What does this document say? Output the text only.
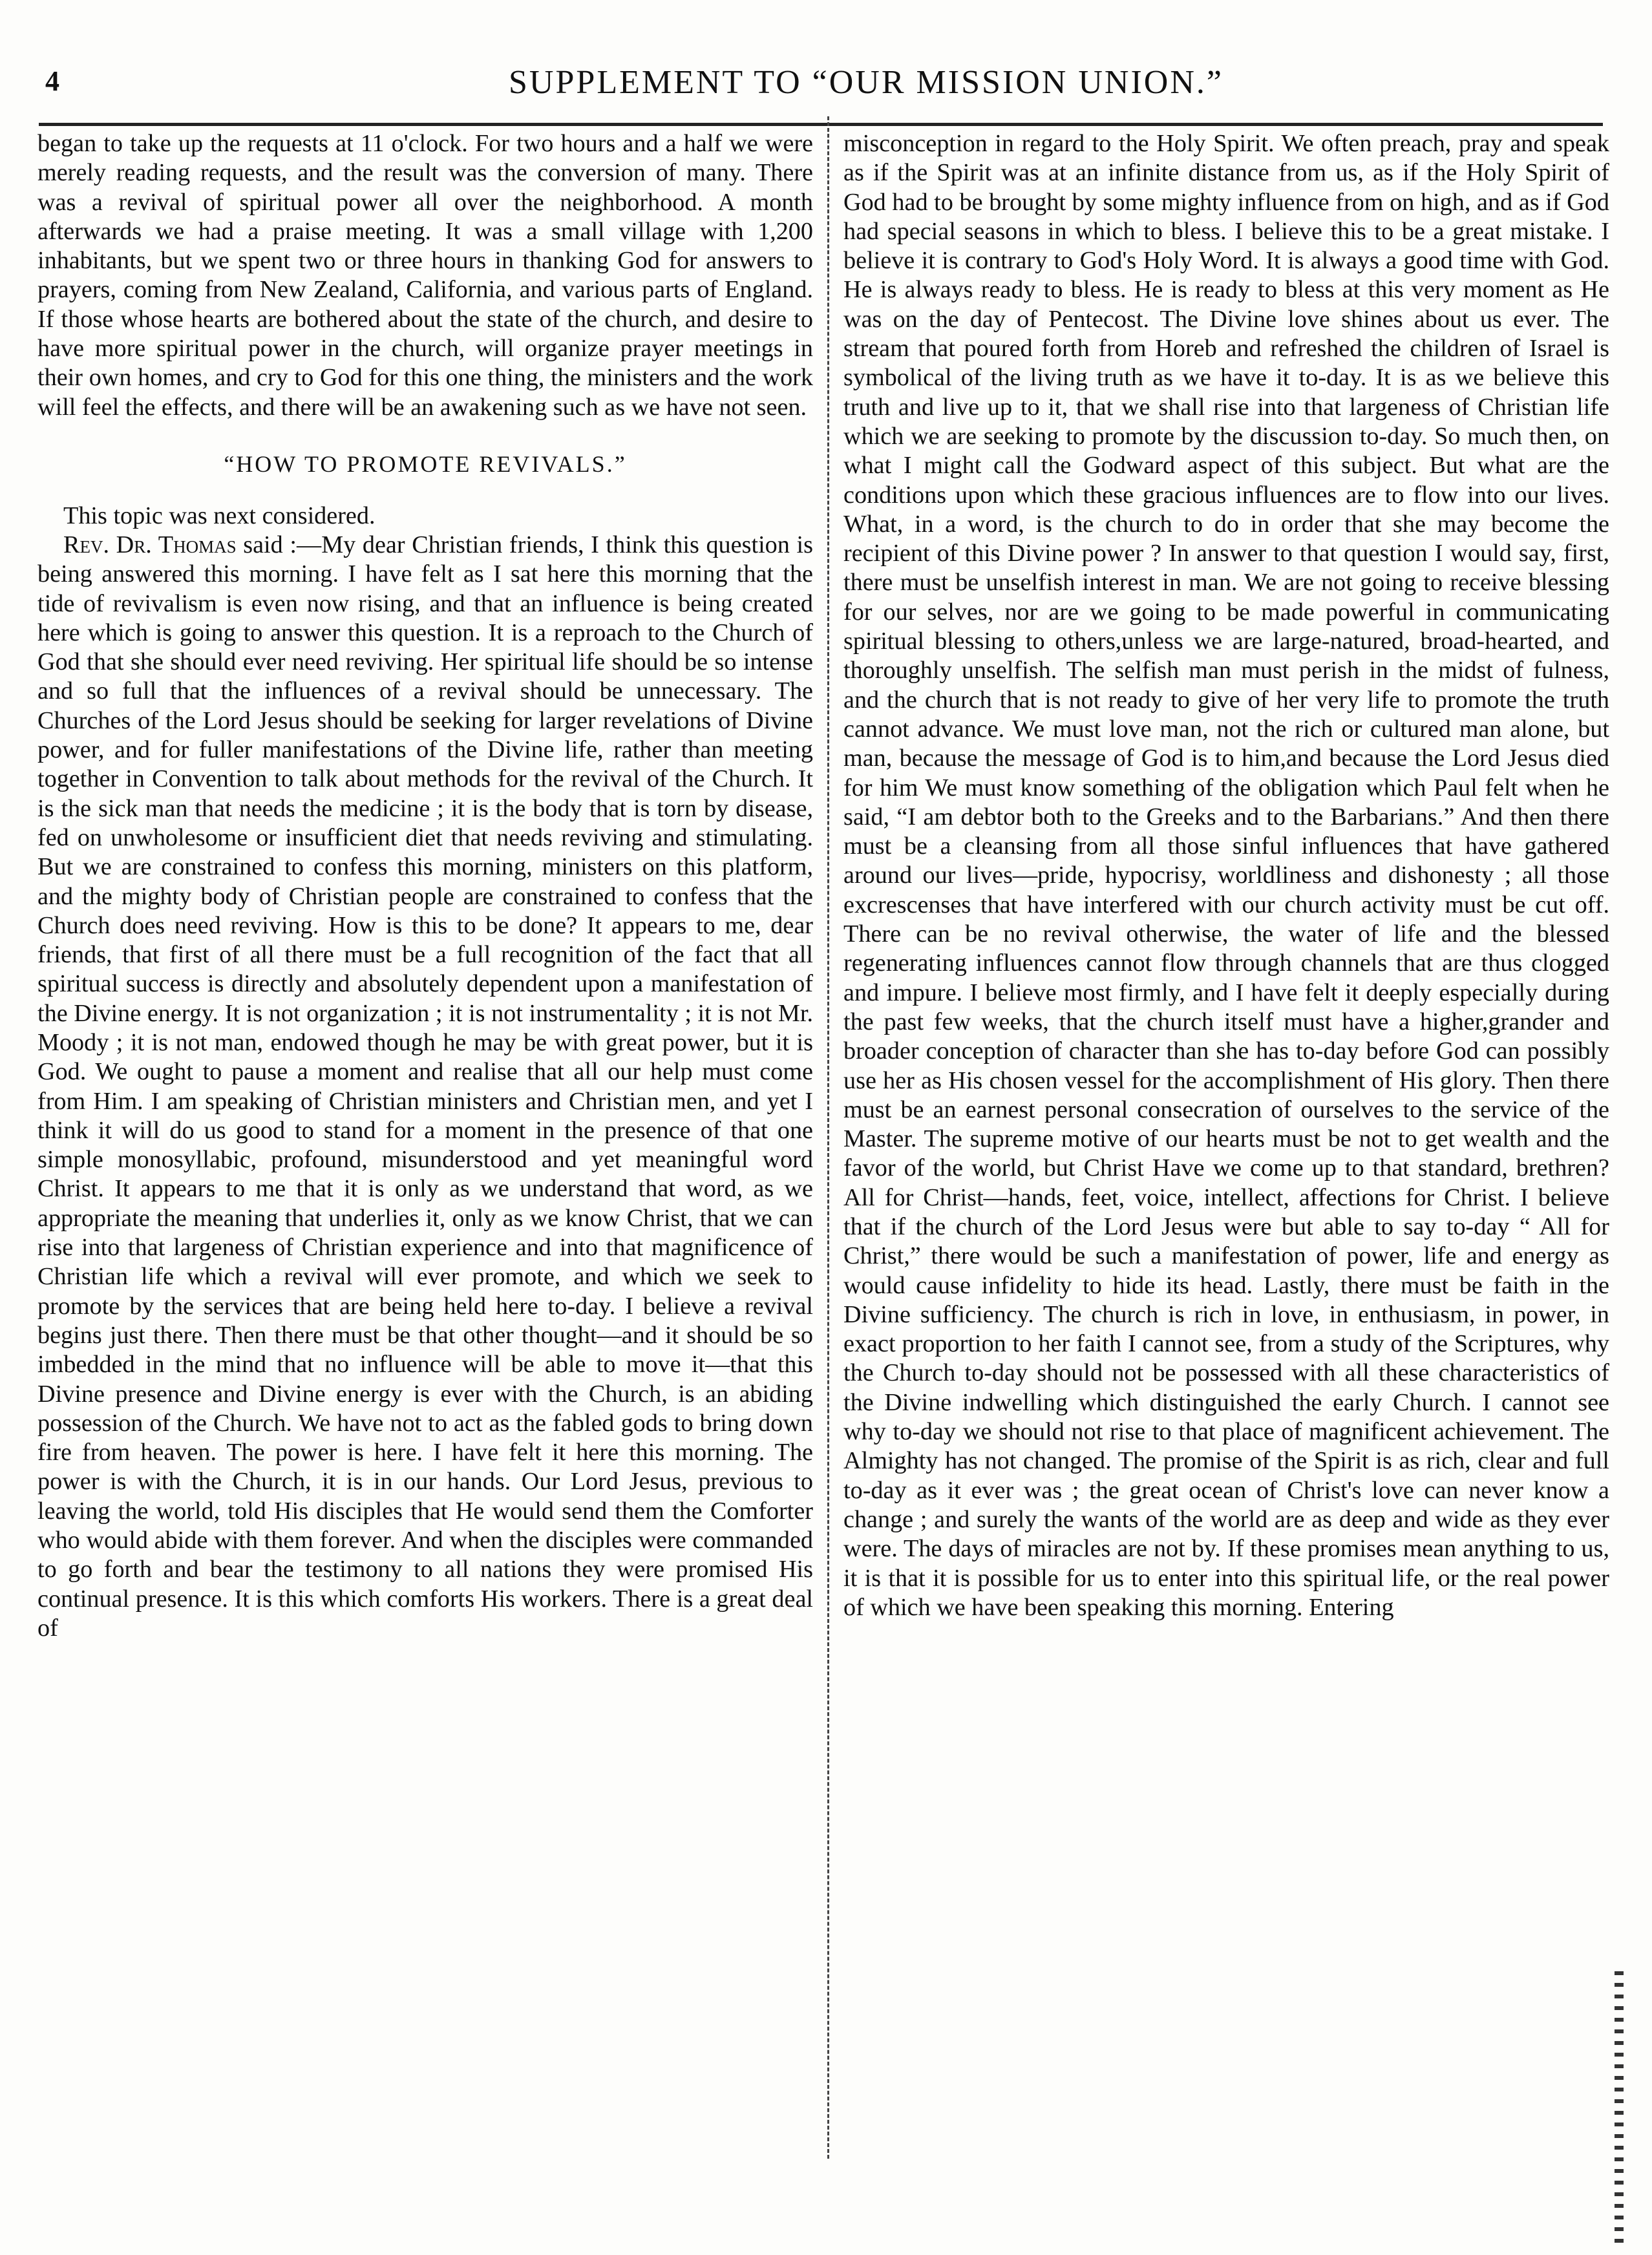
4	SUPPLEMENT TO “OUR MISSION UNION.”

began to take up the requests at 11 o'clock. For two hours and a half we were merely reading requests, and the result was the conversion of many. There was a revival of spiritual power all over the neighborhood. A month afterwards we had a praise meeting. It was a small village with 1,200 inhabitants, but we spent two or three hours in thanking God for answers to prayers, coming from New Zealand, California, and various parts of England. If those whose hearts are bothered about the state of the church, and desire to have more spiritual power in the church, will organize prayer meetings in their own homes, and cry to God for this one thing, the ministers and the work will feel the effects, and there will be an awakening such as we have not seen.

“HOW TO PROMOTE REVIVALS.”

This topic was next considered.

Rev. Dr. Thomas said :—My dear Christian friends, I think this question is being answered this morning. I have felt as I sat here this morning that the tide of revivalism is even now rising, and that an influence is being created here which is going to answer this question. It is a reproach to the Church of God that she should ever need reviving. Her spiritual life should be so intense and so full that the influences of a revival should be unnecessary. The Churches of the Lord Jesus should be seeking for larger revelations of Divine power, and for fuller manifestations of the Divine life, rather than meeting together in Convention to talk about methods for the revival of the Church. It is the sick man that needs the medicine ; it is the body that is torn by disease, fed on unwholesome or insufficient diet that needs reviving and stimulating. But we are constrained to confess this morning, ministers on this platform, and the mighty body of Christian people are constrained to confess that the Church does need reviving. How is this to be done? It appears to me, dear friends, that first of all there must be a full recognition of the fact that all spiritual success is directly and absolutely dependent upon a manifestation of the Divine energy. It is not organization ; it is not instrumentality ; it is not Mr. Moody ; it is not man, endowed though he may be with great power, but it is God. We ought to pause a moment and realise that all our help must come from Him. I am speaking of Christian ministers and Christian men, and yet I think it will do us good to stand for a moment in the presence of that one simple monosyllabic, profound, misunderstood and yet meaningful word Christ. It appears to me that it is only as we understand that word, as we appropriate the meaning that underlies it, only as we know Christ, that we can rise into that largeness of Christian experience and into that magnificence of Christian life which a revival will ever promote, and which we seek to promote by the services that are being held here to-day. I believe a revival begins just there. Then there must be that other thought—and it should be so imbedded in the mind that no influence will be able to move it—that this Divine presence and Divine energy is ever with the Church, is an abiding possession of the Church. We have not to act as the fabled gods to bring down fire from heaven. The power is here. I have felt it here this morning. The power is with the Church, it is in our hands. Our Lord Jesus, previous to leaving the world, told His disciples that He would send them the Comforter who would abide with them forever. And when the disciples were commanded to go forth and bear the testimony to all nations they were promised His continual presence. It is this which comforts His workers. There is a great deal of

misconception in regard to the Holy Spirit. We often preach, pray and speak as if the Spirit was at an infinite distance from us, as if the Holy Spirit of God had to be brought by some mighty influence from on high, and as if God had special seasons in which to bless. I believe this to be a great mistake. I believe it is contrary to God's Holy Word. It is always a good time with God. He is always ready to bless. He is ready to bless at this very moment as He was on the day of Pentecost. The Divine love shines about us ever. The stream that poured forth from Horeb and refreshed the children of Israel is symbolical of the living truth as we have it to-day. It is as we believe this truth and live up to it, that we shall rise into that largeness of Christian life which we are seeking to promote by the discussion to-day. So much then, on what I might call the Godward aspect of this subject. But what are the conditions upon which these gracious influences are to flow into our lives. What, in a word, is the church to do in order that she may become the recipient of this Divine power ? In answer to that question I would say, first, there must be unselfish interest in man. We are not going to receive blessing for our selves, nor are we going to be made powerful in communicating spiritual blessing to others,unless we are large-natured, broad-hearted, and thoroughly unselfish. The selfish man must perish in the midst of fulness, and the church that is not ready to give of her very life to promote the truth cannot advance. We must love man, not the rich or cultured man alone, but man, because the message of God is to him,and because the Lord Jesus died for him We must know something of the obligation which Paul felt when he said, “I am debtor both to the Greeks and to the Barbarians.” And then there must be a cleansing from all those sinful influences that have gathered around our lives—pride, hypocrisy, worldliness and dishonesty ; all those excrescenses that have interfered with our church activity must be cut off. There can be no revival otherwise, the water of life and the blessed regenerating influences cannot flow through channels that are thus clogged and impure. I believe most firmly, and I have felt it deeply especially during the past few weeks, that the church itself must have a higher,grander and broader conception of character than she has to-day before God can possibly use her as His chosen vessel for the accomplishment of His glory. Then there must be an earnest personal consecration of ourselves to the service of the Master. The supreme motive of our hearts must be not to get wealth and the favor of the world, but Christ Have we come up to that standard, brethren? All for Christ—hands, feet, voice, intellect, affections for Christ. I believe that if the church of the Lord Jesus were but able to say to-day “ All for Christ,” there would be such a manifestation of power, life and energy as would cause infidelity to hide its head. Lastly, there must be faith in the Divine sufficiency. The church is rich in love, in enthusiasm, in power, in exact proportion to her faith I cannot see, from a study of the Scriptures, why the Church to-day should not be possessed with all these characteristics of the Divine indwelling which distinguished the early Church. I cannot see why to-day we should not rise to that place of magnificent achievement. The Almighty has not changed. The promise of the Spirit is as rich, clear and full to-day as it ever was ; the great ocean of Christ's love can never know a change ; and surely the wants of the world are as deep and wide as they ever were. The days of miracles are not by. If these promises mean anything to us, it is that it is possible for us to enter into this spiritual life, or the real power of which we have been speaking this morning. Entering
